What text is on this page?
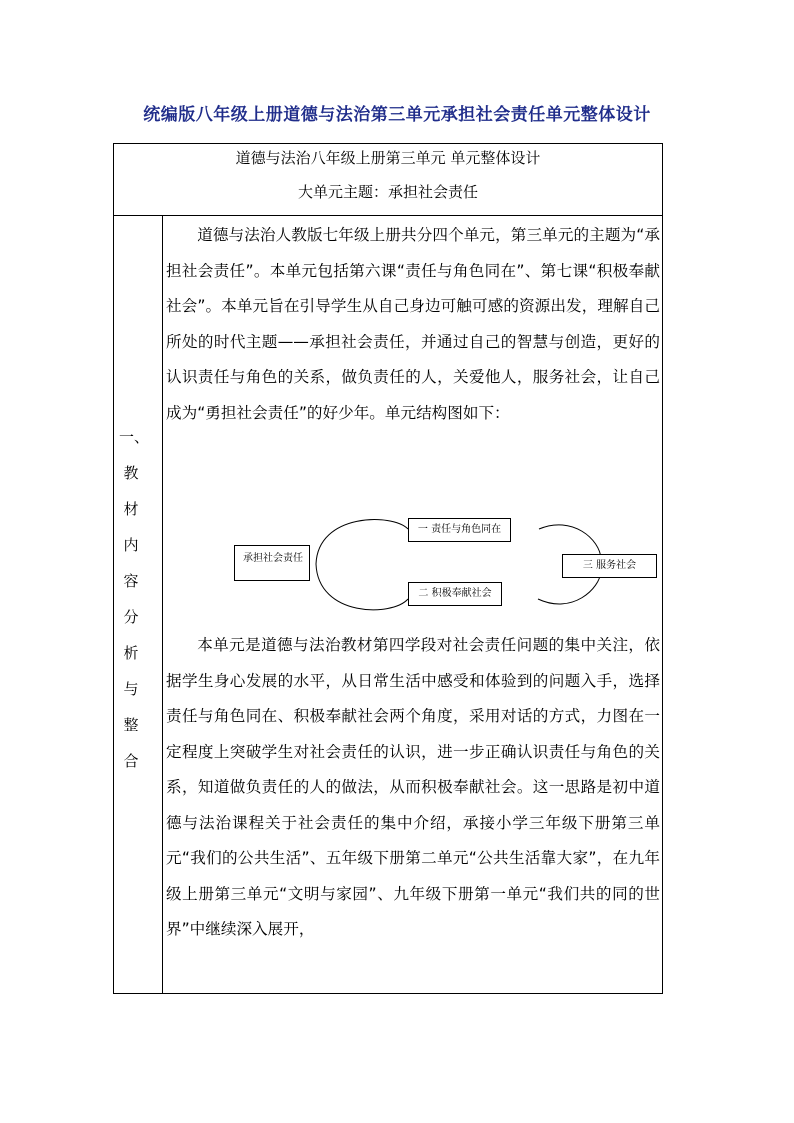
统编版八年级上册道德与法治第三单元承担社会责任单元整体设计
道德与法治八年级上册第三单元 单元整体设计
大单元主题：承担社会责任
一、
教
材
内
容
分
析
与
整
合

道德与法治人教版七年级上册共分四个单元，第三单元的主题为“承担社会责任”。本单元包括第六课“责任与角色同在”、第七课“积极奉献社会”。本单元旨在引导学生从自己身边可触可感的资源出发，理解自己所处的时代主题——承担社会责任，并通过自己的智慧与创造，更好的认识责任与角色的关系，做负责任的人，关爱他人，服务社会，让自己成为“勇担社会责任”的好少年。单元结构图如下：

承担社会责任
一 责任与角色同在
二 积极奉献社会
三 服务社会

本单元是道德与法治教材第四学段对社会责任问题的集中关注，依据学生身心发展的水平，从日常生活中感受和体验到的问题入手，选择责任与角色同在、积极奉献社会两个角度，采用对话的方式，力图在一定程度上突破学生对社会责任的认识，进一步正确认识责任与角色的关系，知道做负责任的人的做法，从而积极奉献社会。这一思路是初中道德与法治课程关于社会责任的集中介绍，承接小学三年级下册第三单元“我们的公共生活”、五年级下册第二单元“公共生活靠大家”，在九年级上册第三单元“文明与家园”、九年级下册第一单元“我们共的同的世界”中继续深入展开，
